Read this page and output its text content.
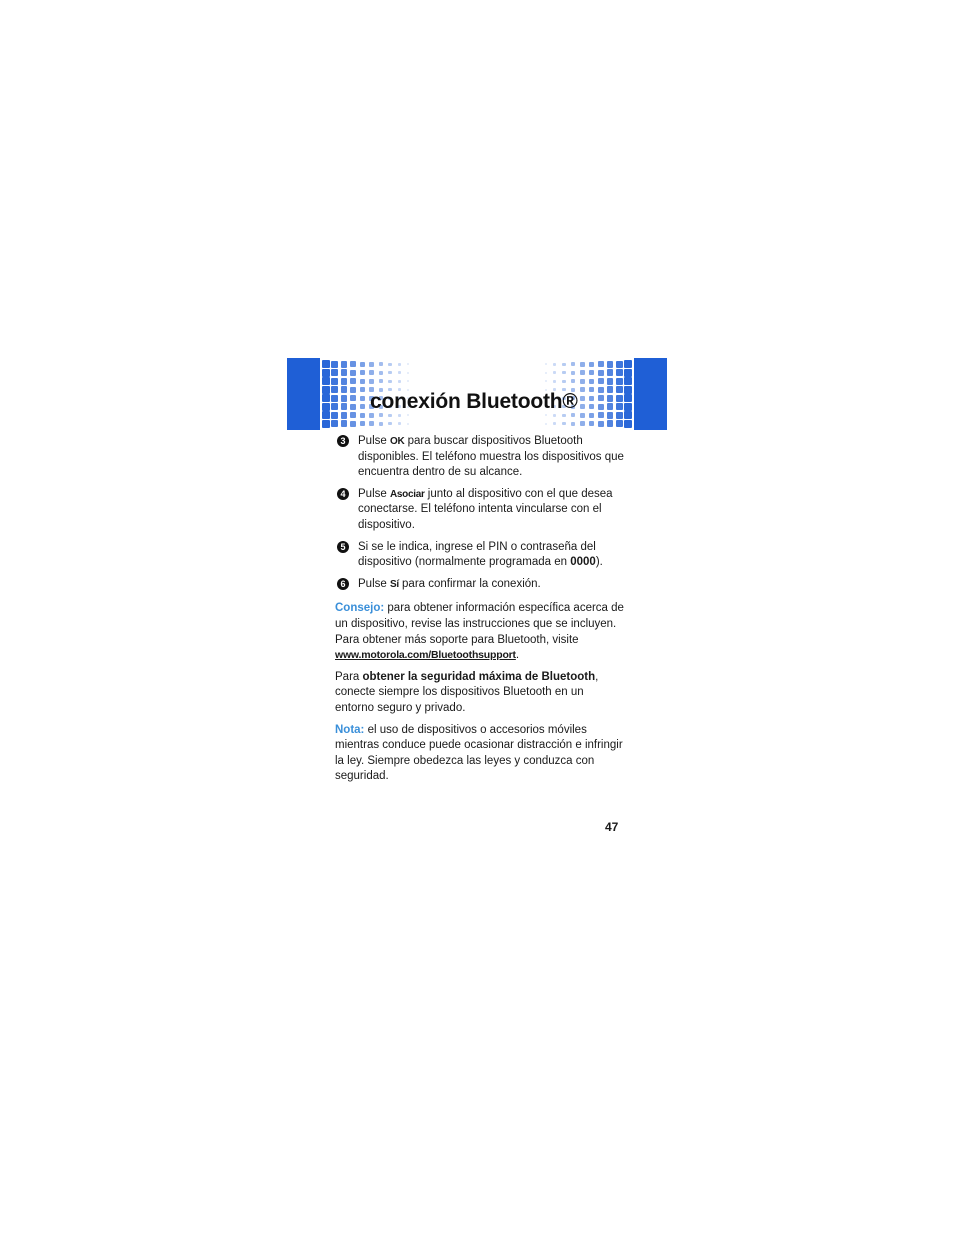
conexión Bluetooth®
3	Pulse OK para buscar dispositivos Bluetooth disponibles. El teléfono muestra los dispositivos que encuentra dentro de su alcance.
4	Pulse Asociar junto al dispositivo con el que desea conectarse. El teléfono intenta vincularse con el dispositivo.
5	Si se le indica, ingrese el PIN o contraseña del dispositivo (normalmente programada en 0000).
6	Pulse Sí para confirmar la conexión.

Consejo: para obtener información específica acerca de un dispositivo, revise las instrucciones que se incluyen. Para obtener más soporte para Bluetooth, visite www.motorola.com/Bluetoothsupport.

Para obtener la seguridad máxima de Bluetooth, conecte siempre los dispositivos Bluetooth en un entorno seguro y privado.

Nota: el uso de dispositivos o accesorios móviles mientras conduce puede ocasionar distracción e infringir la ley. Siempre obedezca las leyes y conduzca con seguridad.

47
